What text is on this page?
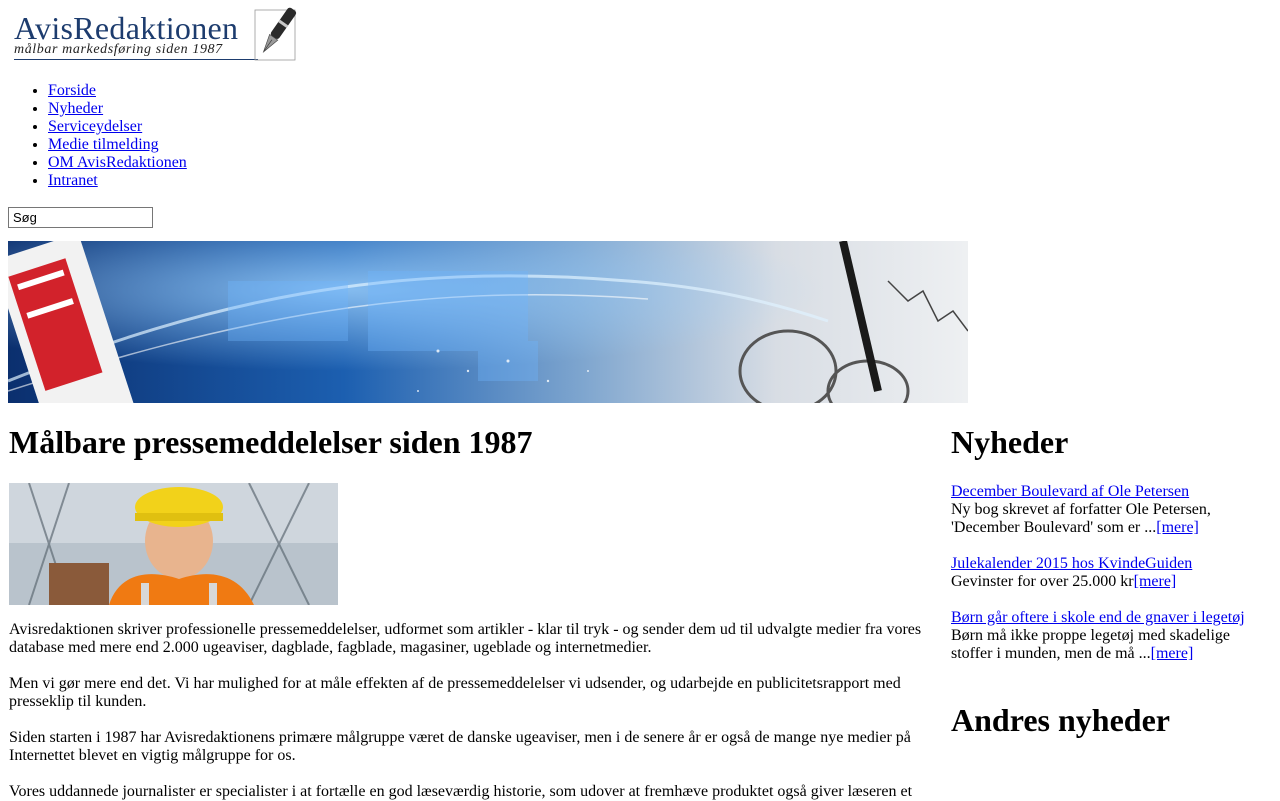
AvisRedaktionen
målbar markedsføring siden 1987
• Forside
• Nyheder
• Serviceydelser
• Medie tilmelding
• OM AvisRedaktionen
• Intranet
Søg
Målbare pressemeddelelser siden 1987

Avisredaktionen skriver professionelle pressemeddelelser, udformet som artikler - klar til tryk - og sender dem ud til udvalgte medier fra vores database med mere end 2.000 ugeaviser, dagblade, fagblade, magasiner, ugeblade og internetmedier.

Men vi gør mere end det. Vi har mulighed for at måle effekten af de pressemeddelelser vi udsender, og udarbejde en publicitetsrapport med presseklip til kunden.

Siden starten i 1987 har Avisredaktionens primære målgruppe været de danske ugeaviser, men i de senere år er også de mange nye medier på Internettet blevet en vigtig målgruppe for os.

Vores uddannede journalister er specialister i at fortælle en god læseværdig historie, som udover at fremhæve produktet også giver læseren et

Nyheder
December Boulevard af Ole Petersen

Ny bog skrevet af forfatter Ole Petersen, 'December Boulevard' som er ...[mere]

Julekalender 2015 hos KvindeGuiden

Gevinster for over 25.000 kr[mere]

Børn går oftere i skole end de gnaver i legetøj

Børn må ikke proppe legetøj med skadelige stoffer i munden, men de må ...[mere]

Andres nyheder
